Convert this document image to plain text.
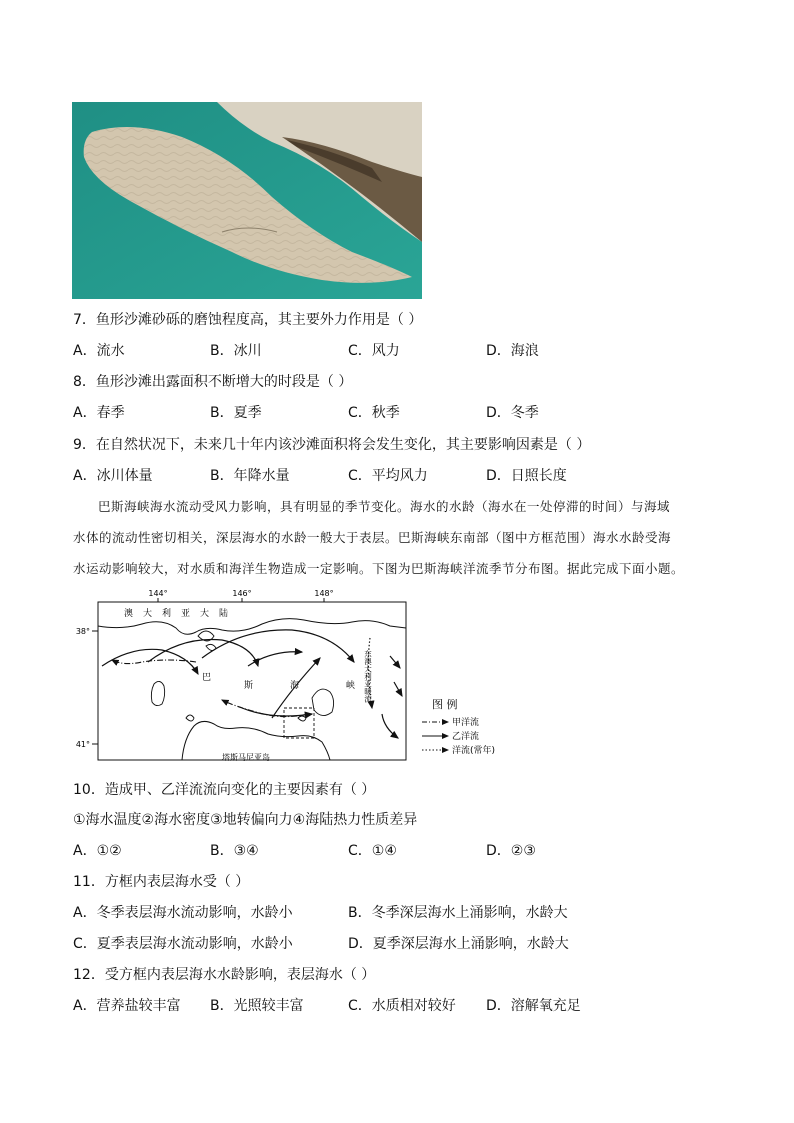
7．鱼形沙滩砂砾的磨蚀程度高，其主要外力作用是（ ）
A．流水	B．冰川	C．风力	D．海浪
8．鱼形沙滩出露面积不断增大的时段是（ ）
A．春季	B．夏季	C．秋季	D．冬季
9．在自然状况下，未来几十年内该沙滩面积将会发生变化，其主要影响因素是（ ）
A．冰川体量	B．年降水量	C．平均风力	D．日照长度

巴斯海峡海水流动受风力影响，具有明显的季节变化。海水的水龄（海水在一处停滞的时间）与海域

水体的流动性密切相关，深层海水的水龄一般大于表层。巴斯海峡东南部（图中方框范围）海水水龄受海

水运动影响较大，对水质和海洋生物造成一定影响。下图为巴斯海峡洋流季节分布图。据此完成下面小题。

144°	146°	148°
38°
41°
澳大利亚大陆
塔斯马尼亚岛
巴
斯	海	峡 东澳大利亚暖流
图 例
甲洋流
乙洋流
洋流(常年)
10．造成甲、乙洋流流向变化的主要因素有（ ）
①海水温度②海水密度③地转偏向力④海陆热力性质差异
A．①②	B．③④	C．①④	D．②③
11．方框内表层海水受（ ）
A．冬季表层海水流动影响，水龄小	B．冬季深层海水上涌影响，水龄大
C．夏季表层海水流动影响，水龄小	D．夏季深层海水上涌影响，水龄大
12．受方框内表层海水水龄影响，表层海水（ ）
A．营养盐较丰富 B．光照较丰富	C．水质相对较好 D．溶解氧充足
